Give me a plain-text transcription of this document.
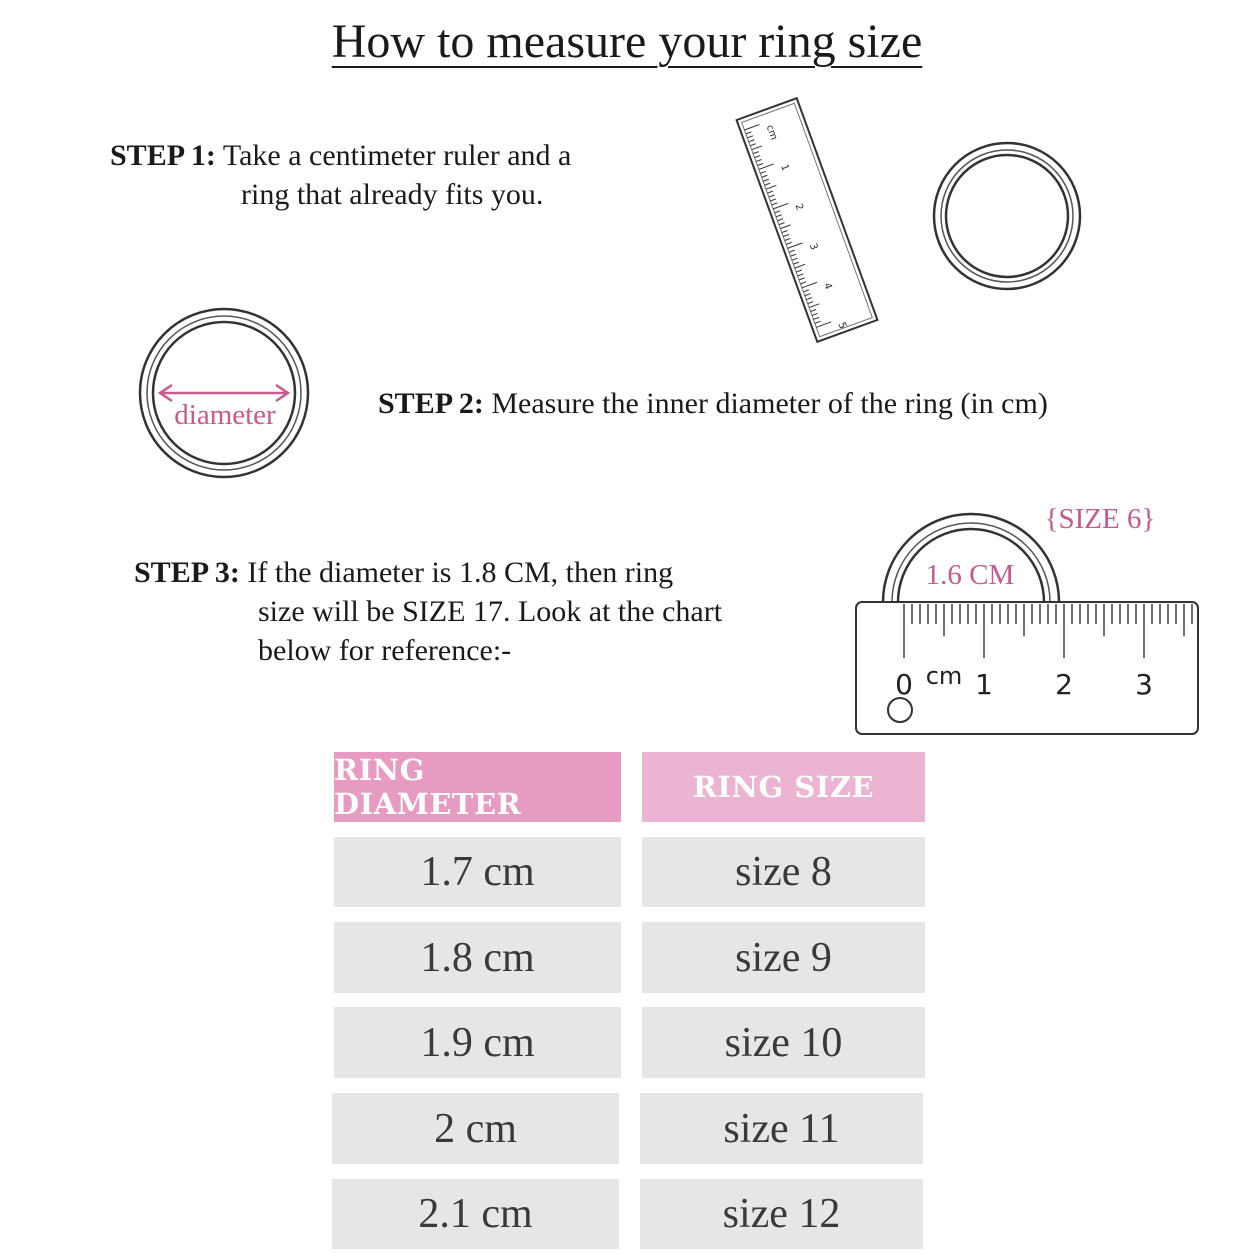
How to measure your ring size
STEP 1: Take a centimeter ruler and a
ring that already fits you.
STEP 2: Measure the inner diameter of the ring (in cm)
STEP 3: If the diameter is 1.8 CM, then ring
size will be SIZE 17. Look at the chart
below for reference:-
cm
1
2
3
4
5
diameter
1.6 CM
{SIZE 6}
0 1 2 3
cm
RING DIAMETER	RING SIZE
1.7 cm	size 8
1.8 cm	size 9
1.9 cm	size 10
2 cm	size 11
2.1 cm	size 12
